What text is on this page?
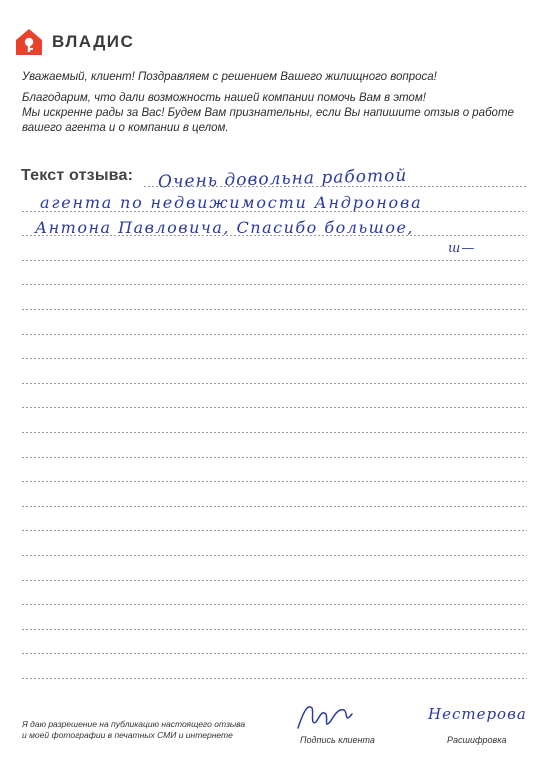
ВЛАДИС

Уважаемый, клиент! Поздравляем с решением Вашего жилищного вопроса!

Благодарим, что дали возможность нашей компании помочь Вам в этом!

Мы искренне рады за Вас! Будем Вам признательны, если Вы напишите отзыв о работе

вашего агента и о компании в целом.

Текст отзыва: Очень довольна работой
агента по недвижимости Андронова
Антона Павловича, Спасибо большое,
ш—
Я даю разрешение на публикацию настоящего отзыва
и моей фотографии в печатных СМИ и интернете	Подпись клиента
Нестерова
Расшифровка
